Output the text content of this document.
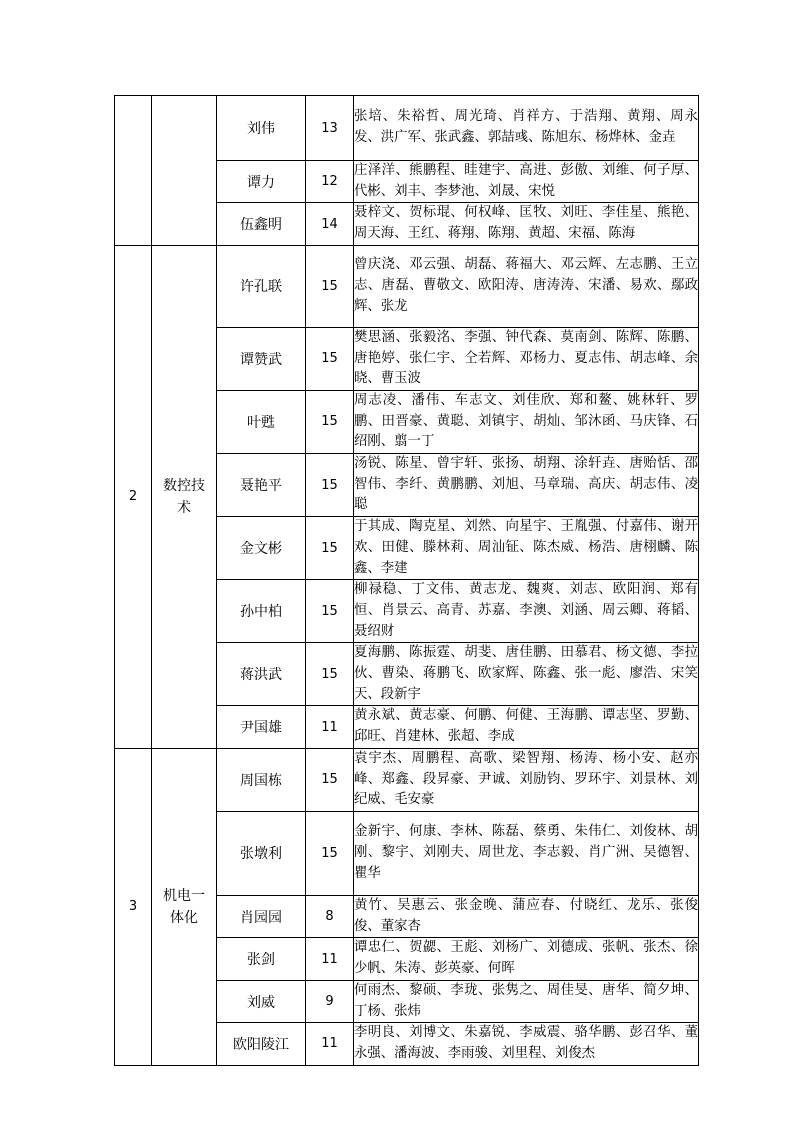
		刘伟	13	张培、朱裕哲、周光琦、肖祥方、于浩翔、黄翔、周永发、洪广军、张武鑫、郭喆彧、陈旭东、杨烨林、金垚
		谭力	12	庄泽洋、熊鹏程、眭建宇、高进、彭傲、刘维、何子厚、代彬、刘丰、李梦池、刘晟、宋悦
		伍鑫明	14	聂梓文、贺标琨、何权峰、匡牧、刘旺、李佳星、熊艳、周天海、王红、蒋翔、陈翔、黄超、宋福、陈海
2	数控技术	许孔联	15	曾庆浇、邓云强、胡磊、蒋福大、邓云辉、左志鹏、王立志、唐磊、曹敬文、欧阳涛、唐涛涛、宋潘、易欢、鄢政辉、张龙
		谭赞武	15	樊思涵、张毅洺、李强、钟代森、莫南剑、陈辉、陈鹏、唐艳婷、张仁宇、仝若辉、邓杨力、夏志伟、胡志峰、余晓、曹玉波
		叶甦	15	周志凌、潘伟、车志文、刘佳欣、郑和鳌、姚林轩、罗鹏、田晋豪、黄聪、刘镇宇、胡灿、邹沐函、马庆锋、石绍刚、翦一丁
		聂艳平	15	汤锐、陈星、曾宇轩、张扬、胡翔、涂轩垚、唐贻恬、邵智伟、李纤、黄鹏鹏、刘旭、马章瑞、高庆、胡志伟、凌聪
		金文彬	15	于其成、陶克星、刘然、向星宇、王胤强、付嘉伟、谢开欢、田健、滕林莉、周汕钲、陈杰威、杨浩、唐栩麟、陈鑫、李建
		孙中柏	15	柳禄稳、丁文伟、黄志龙、魏爽、刘志、欧阳润、郑有恒、肖景云、高青、苏嘉、李澳、刘涵、周云卿、蒋韬、聂绍财
		蒋洪武	15	夏海鹏、陈振霆、胡斐、唐佳鹏、田慕君、杨文德、李拉伙、曹染、蒋鹏飞、欧家辉、陈鑫、张一彪、廖浩、宋笑天、段新宇
		尹国雄	11	黄永斌、黄志豪、何鹏、何健、王海鹏、谭志坚、罗勤、邱旺、肖建林、张超、李成
3	机电一体化	周国栋	15	袁宇杰、周鹏程、高歌、梁智翔、杨涛、杨小安、赵亦峰、郑鑫、段昇豪、尹诚、刘励钧、罗环宇、刘景林、刘纪威、毛安豪
		张墩利	15	金新宇、何康、李林、陈磊、蔡勇、朱伟仁、刘俊林、胡刚、黎宇、刘刚夫、周世龙、李志毅、肖广洲、吴德智、瞿华
		肖园园	8	黄竹、吴惠云、张金晚、蒲应春、付晓红、龙乐、张俊俊、董家杏
		张剑	11	谭忠仁、贺勰、王彪、刘杨广、刘德成、张帆、张杰、徐少帆、朱涛、彭英豪、何晖
		刘威	9	何雨杰、黎硕、李珑、张隽之、周佳旻、唐华、简夕坤、丁杨、张炜
		欧阳陵江	11	李明良、刘博文、朱嘉锐、李威震、骆华鹏、彭召华、董永强、潘海波、李雨骏、刘里程、刘俊杰
